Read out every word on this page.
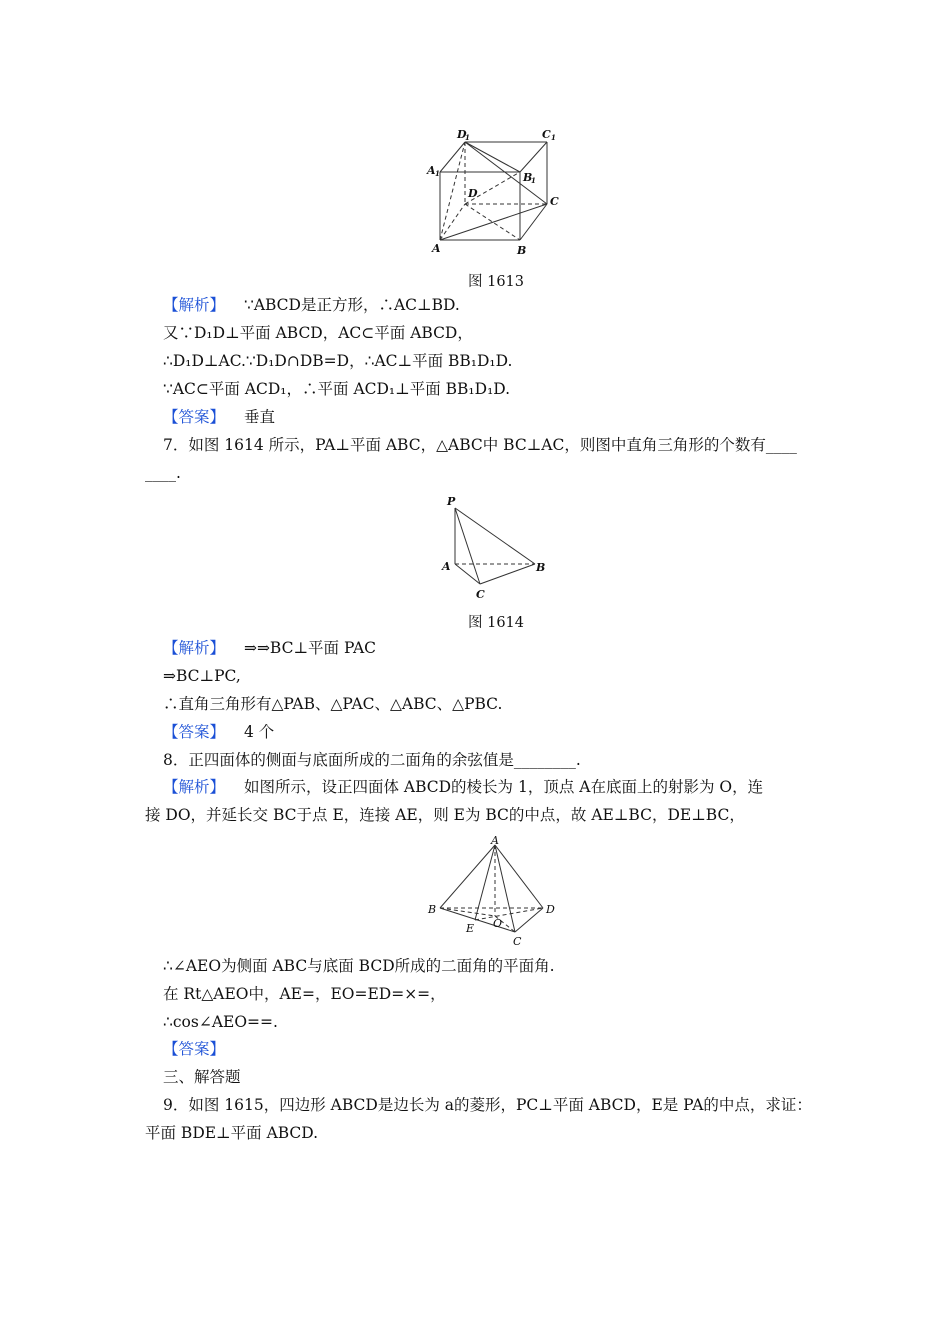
D
1	C 1
A 1	B
1
D
C
A	B
图 1613
【解析】 ∵ABCD是正方形，∴AC⊥BD.
又∵D₁D⊥平面 ABCD，AC⊂平面 ABCD，
∴D₁D⊥AC.∵D₁D∩DB=D，∴AC⊥平面 BB₁D₁D.
∵AC⊂平面 ACD₁，∴平面 ACD₁⊥平面 BB₁D₁D.
【答案】 垂直
7．如图 1614 所示，PA⊥平面 ABC，△ABC中 BC⊥AC，则图中直角三角形的个数有____
____.
P
A	B
C
图 1614
【解析】 ⇒⇒BC⊥平面 PAC
⇒BC⊥PC,
∴直角三角形有△PAB、△PAC、△ABC、△PBC.
【答案】 4 个
8．正四面体的侧面与底面所成的二面角的余弦值是________.
【解析】 如图所示，设正四面体 ABCD的棱长为 1，顶点 A在底面上的射影为 O，连
接 DO，并延长交 BC于点 E，连接 AE，则 E为 BC的中点，故 AE⊥BC，DE⊥BC，
A
B	D
E O
C
∴∠AEO为侧面 ABC与底面 BCD所成的二面角的平面角.
在 Rt△AEO中，AE=，EO=ED=×=，
∴cos∠AEO==.
【答案】
三、解答题
9．如图 1615，四边形 ABCD是边长为 a的菱形，PC⊥平面 ABCD，E是 PA的中点，求证：
平面 BDE⊥平面 ABCD.
